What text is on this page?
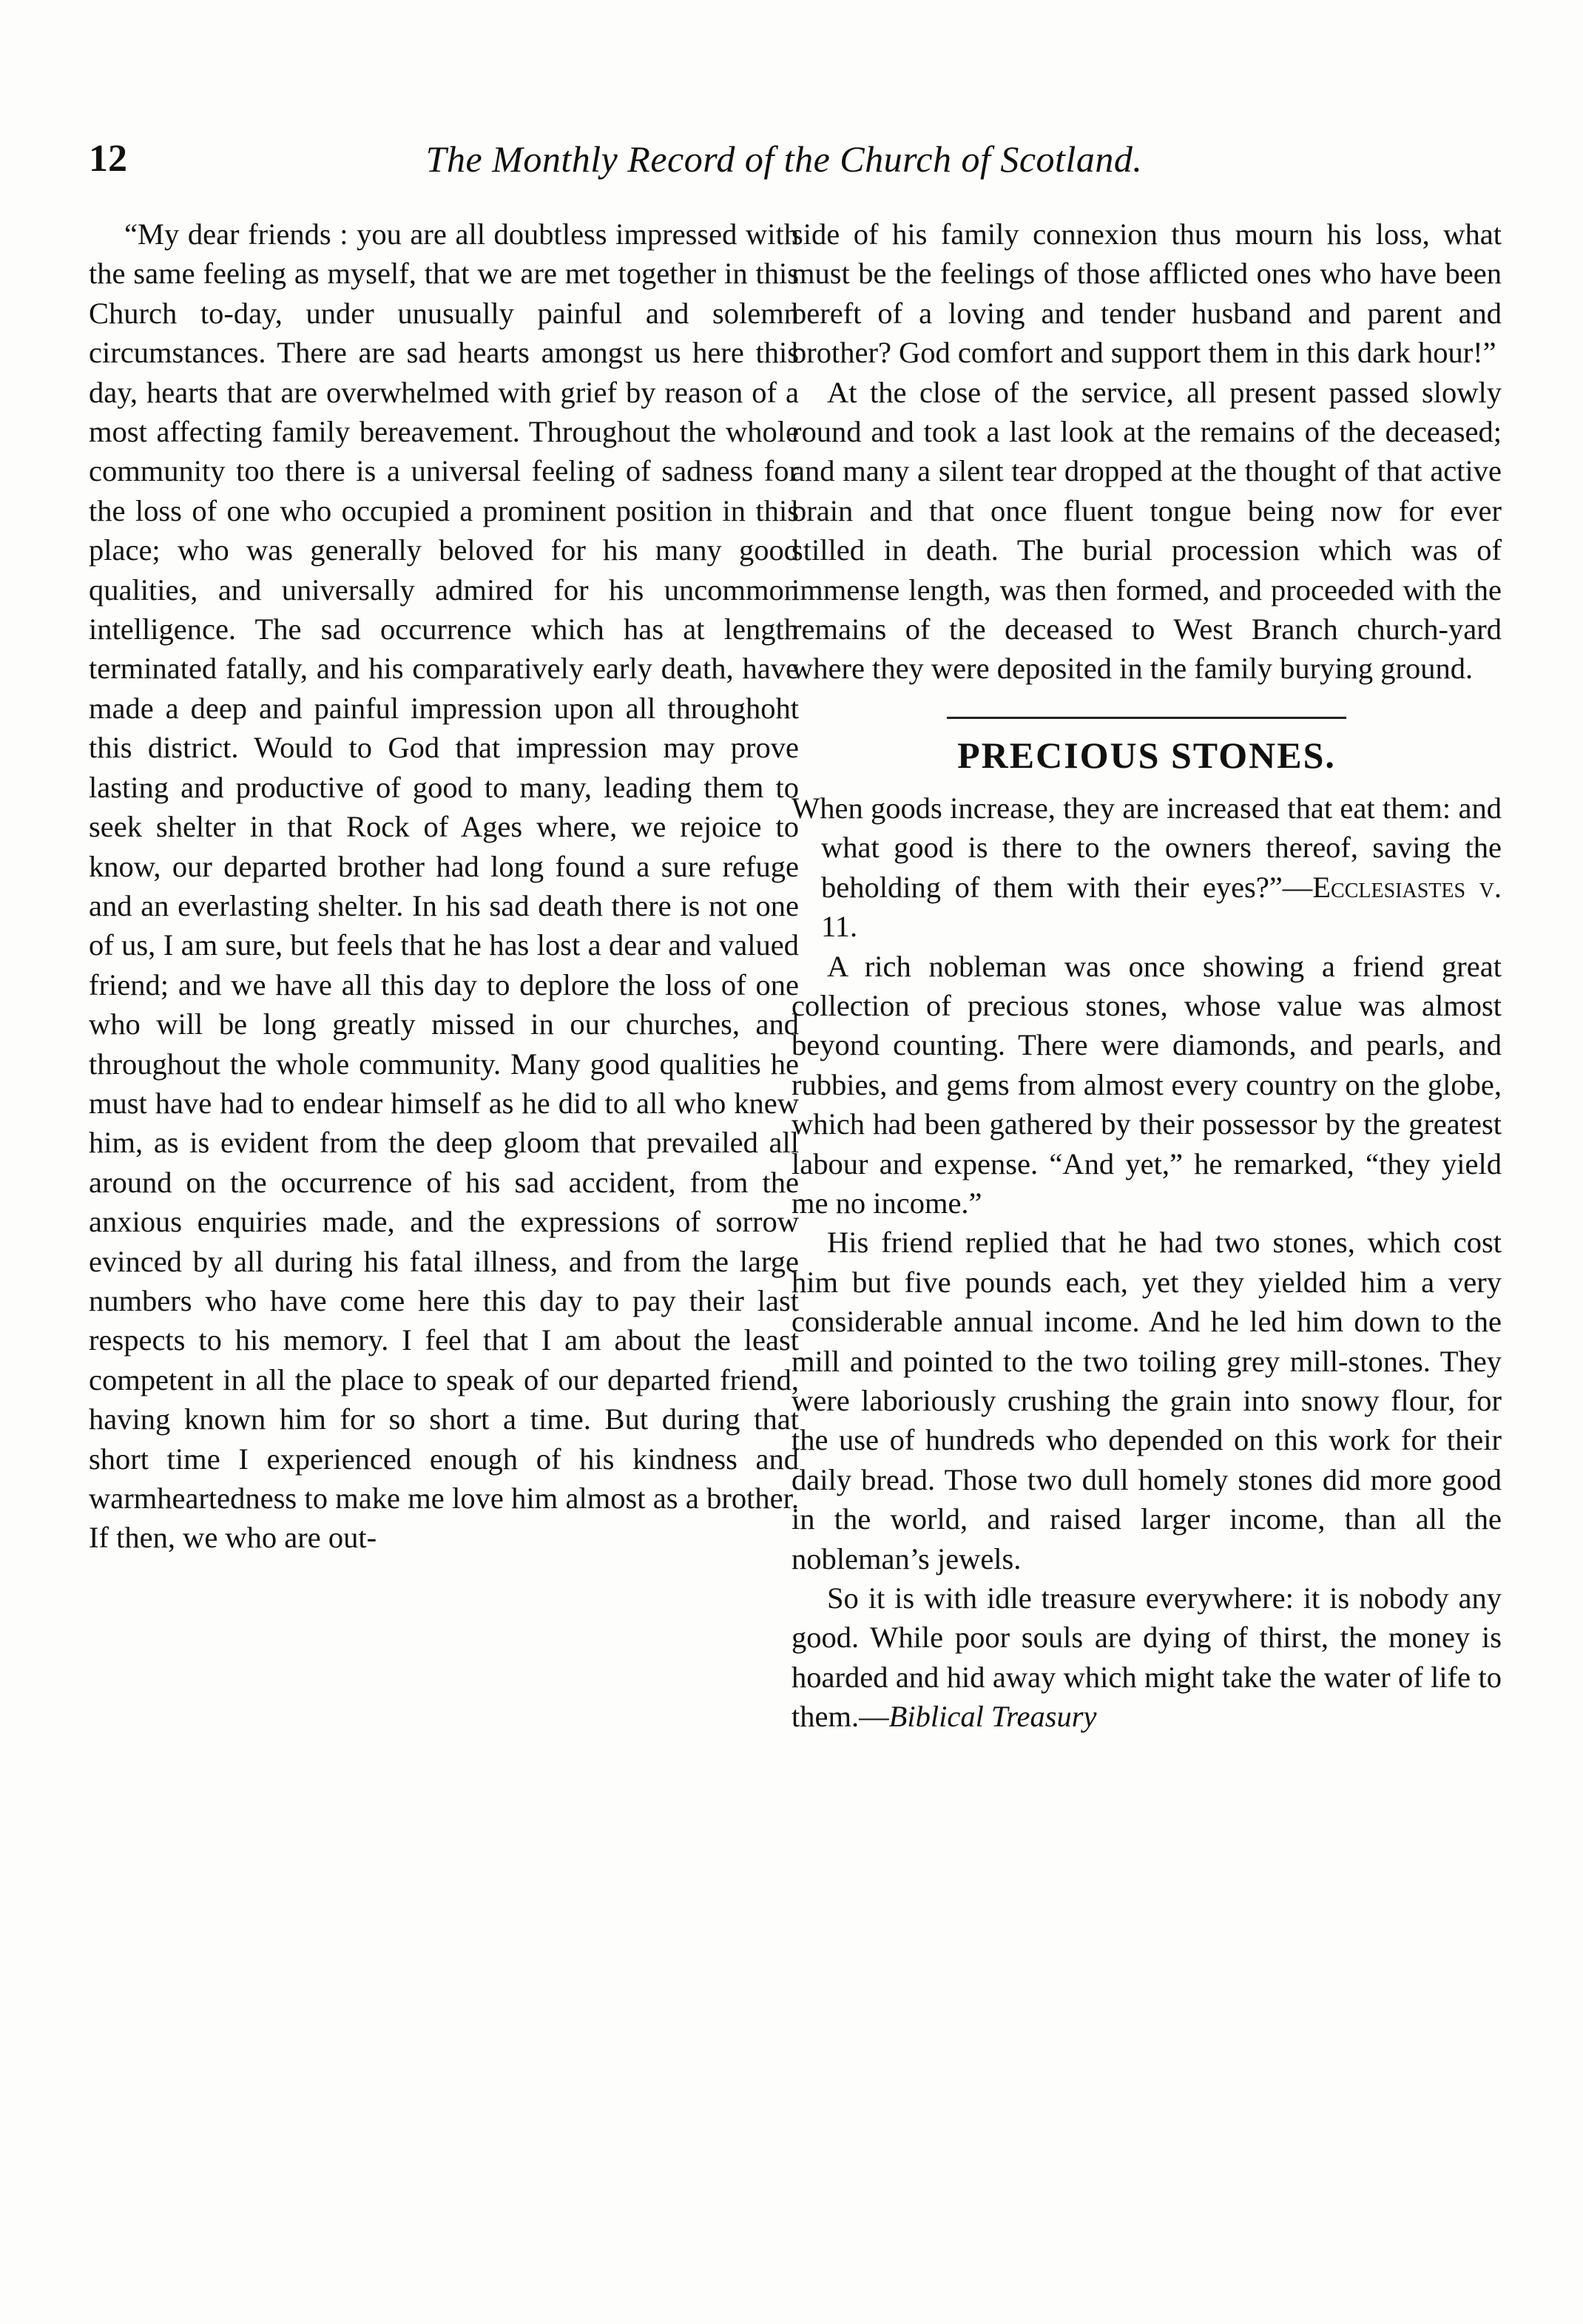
12	The Monthly Record of the Church of Scotland.

“My dear friends : you are all doubtless impressed with the same feeling as myself, that we are met together in this Church to-day, under unusually painful and solemn circumstances. There are sad hearts amongst us here this day, hearts that are overwhelmed with grief by reason of a most affecting family bereavement. Throughout the whole community too there is a universal feeling of sadness for the loss of one who occupied a prominent position in this place; who was generally beloved for his many good qualities, and universally admired for his uncommon intelligence. The sad occurrence which has at length terminated fatally, and his comparatively early death, have made a deep and painful impression upon all throughoht this district. Would to God that impression may prove lasting and productive of good to many, leading them to seek shelter in that Rock of Ages where, we rejoice to know, our departed brother had long found a sure refuge and an everlasting shelter. In his sad death there is not one of us, I am sure, but feels that he has lost a dear and valued friend; and we have all this day to deplore the loss of one who will be long greatly missed in our churches, and throughout the whole community. Many good qualities he must have had to endear himself as he did to all who knew him, as is evident from the deep gloom that prevailed all around on the occurrence of his sad accident, from the anxious enquiries made, and the expressions of sorrow evinced by all during his fatal illness, and from the large numbers who have come here this day to pay their last respects to his memory. I feel that I am about the least competent in all the place to speak of our departed friend, having known him for so short a time. But during that short time I experienced enough of his kindness and warmheartedness to make me love him almost as a brother. If then, we who are out-

side of his family connexion thus mourn his loss, what must be the feelings of those afflicted ones who have been bereft of a loving and tender husband and parent and brother? God comfort and support them in this dark hour!”

At the close of the service, all present passed slowly round and took a last look at the remains of the deceased; and many a silent tear dropped at the thought of that active brain and that once fluent tongue being now for ever stilled in death. The burial procession which was of immense length, was then formed, and proceeded with the remains of the deceased to West Branch church-yard where they were deposited in the family burying ground.

PRECIOUS STONES.

When goods increase, they are increased that eat them: and what good is there to the owners thereof, saving the beholding of them with their eyes?”—Ecclesiastes v. 11.

A rich nobleman was once showing a friend great collection of precious stones, whose value was almost beyond counting. There were diamonds, and pearls, and rubbies, and gems from almost every country on the globe, which had been gathered by their possessor by the greatest labour and expense. “And yet,” he remarked, “they yield me no income.”

His friend replied that he had two stones, which cost him but five pounds each, yet they yielded him a very considerable annual income. And he led him down to the mill and pointed to the two toiling grey mill-stones. They were laboriously crushing the grain into snowy flour, for the use of hundreds who depended on this work for their daily bread. Those two dull homely stones did more good in the world, and raised larger income, than all the nobleman’s jewels.

So it is with idle treasure everywhere: it is nobody any good. While poor souls are dying of thirst, the money is hoarded and hid away which might take the water of life to them.—Biblical Treasury
